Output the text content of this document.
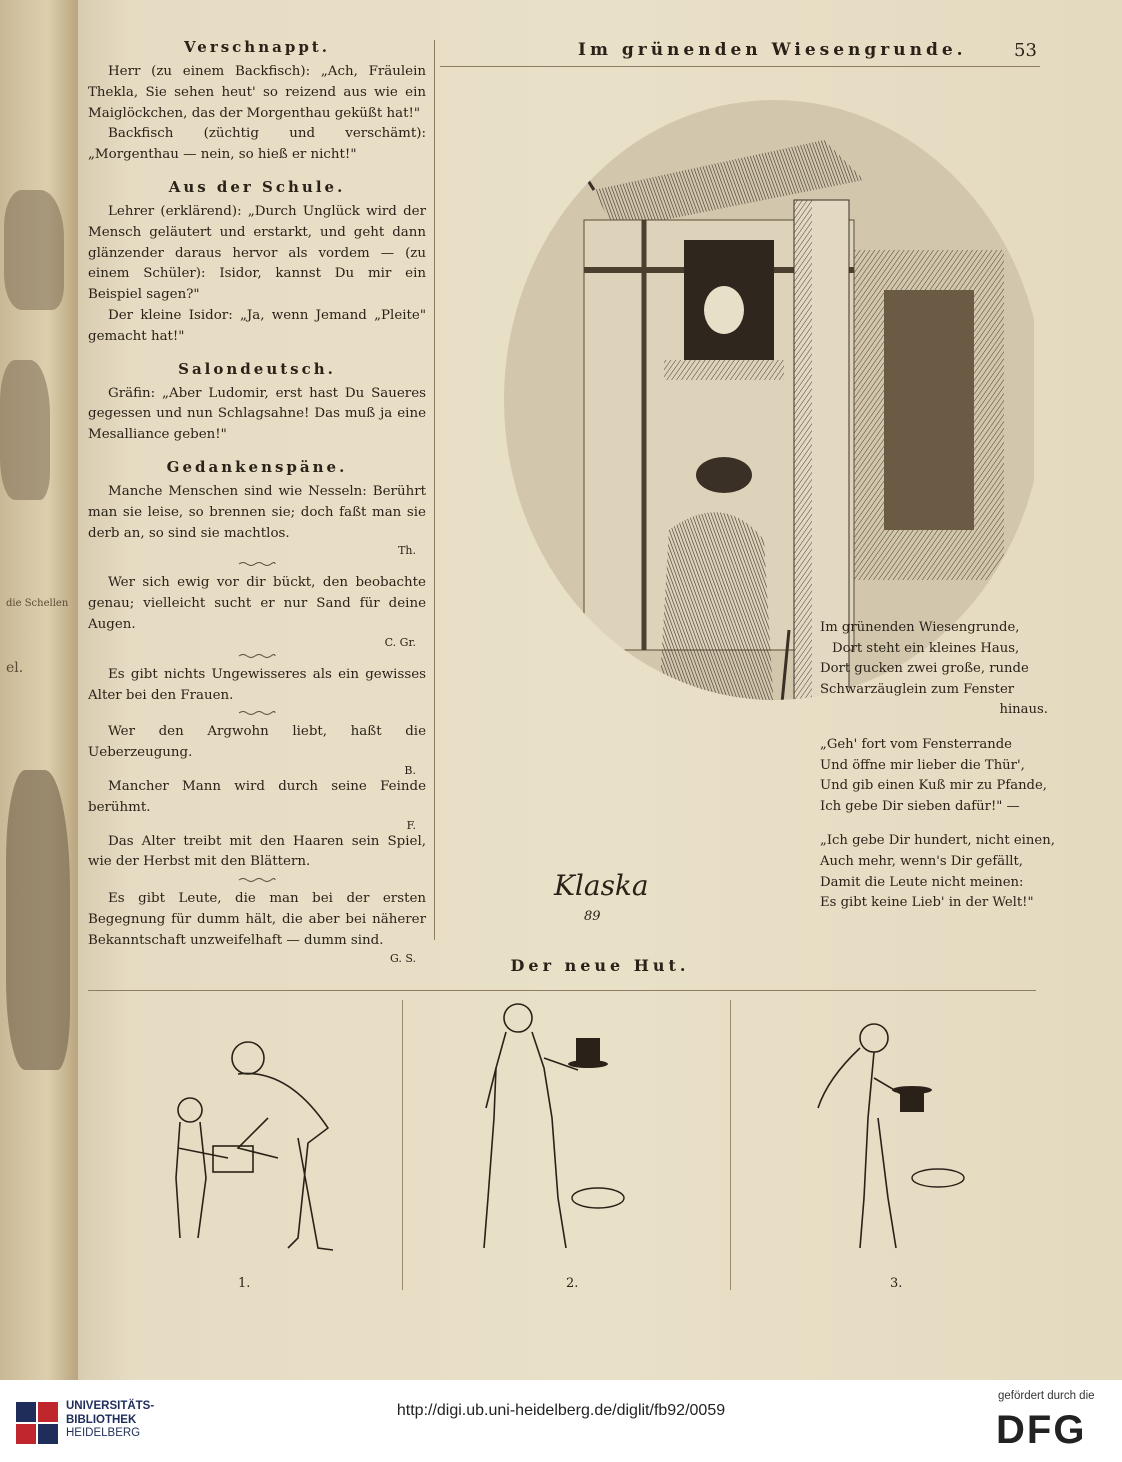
die Schellen
el.
Im grünenden Wiesengrunde.	53
Verschnappt.

Herr (zu einem Backfisch): „Ach, Fräulein Thekla, Sie sehen heut' so reizend aus wie ein Maiglöckchen, das der Morgenthau geküßt hat!"

Backfisch (züchtig und verschämt): „Morgenthau — nein, so hieß er nicht!"

Aus der Schule.

Lehrer (erklärend): „Durch Unglück wird der Mensch geläutert und erstarkt, und geht dann glänzender daraus hervor als vordem — (zu einem Schüler): Isidor, kannst Du mir ein Beispiel sagen?"

Der kleine Isidor: „Ja, wenn Jemand „Pleite" gemacht hat!"

Salondeutsch.

Gräfin: „Aber Ludomir, erst hast Du Saueres gegessen und nun Schlagsahne! Das muß ja eine Mesalliance geben!"

Gedankenspäne.

Manche Menschen sind wie Nesseln: Berührt man sie leise, so brennen sie; doch faßt man sie derb an, so sind sie machtlos.

Th.

Wer sich ewig vor dir bückt, den beobachte genau; vielleicht sucht er nur Sand für deine Augen.

C. Gr.

Es gibt nichts Ungewisseres als ein gewisses Alter bei den Frauen.

Wer den Argwohn liebt, haßt die Ueberzeugung.

B.

Mancher Mann wird durch seine Feinde berühmt.

F.

Das Alter treibt mit den Haaren sein Spiel, wie der Herbst mit den Blättern.

Es gibt Leute, die man bei der ersten Begegnung für dumm hält, die aber bei näherer Bekanntschaft unzweifelhaft — dumm sind.

G. S.

Klaska
89
Im grünenden Wiesengrunde,
Dort steht ein kleines Haus,
Dort gucken zwei große, runde
Schwarzäuglein zum Fenster
hinaus.
„Geh' fort vom Fensterrande
Und öffne mir lieber die Thür',
Und gib einen Kuß mir zu Pfande,
Ich gebe Dir sieben dafür!" —
„Ich gebe Dir hundert, nicht einen,
Auch mehr, wenn's Dir gefällt,
Damit die Leute nicht meinen:
Es gibt keine Lieb' in der Welt!"
Der neue Hut.
1.	2.	3.
UNIVERSITÄTS-
BIBLIOTHEK
HEIDELBERG
http://digi.ub.uni-heidelberg.de/diglit/fb92/0059
gefördert durch die
DFG
